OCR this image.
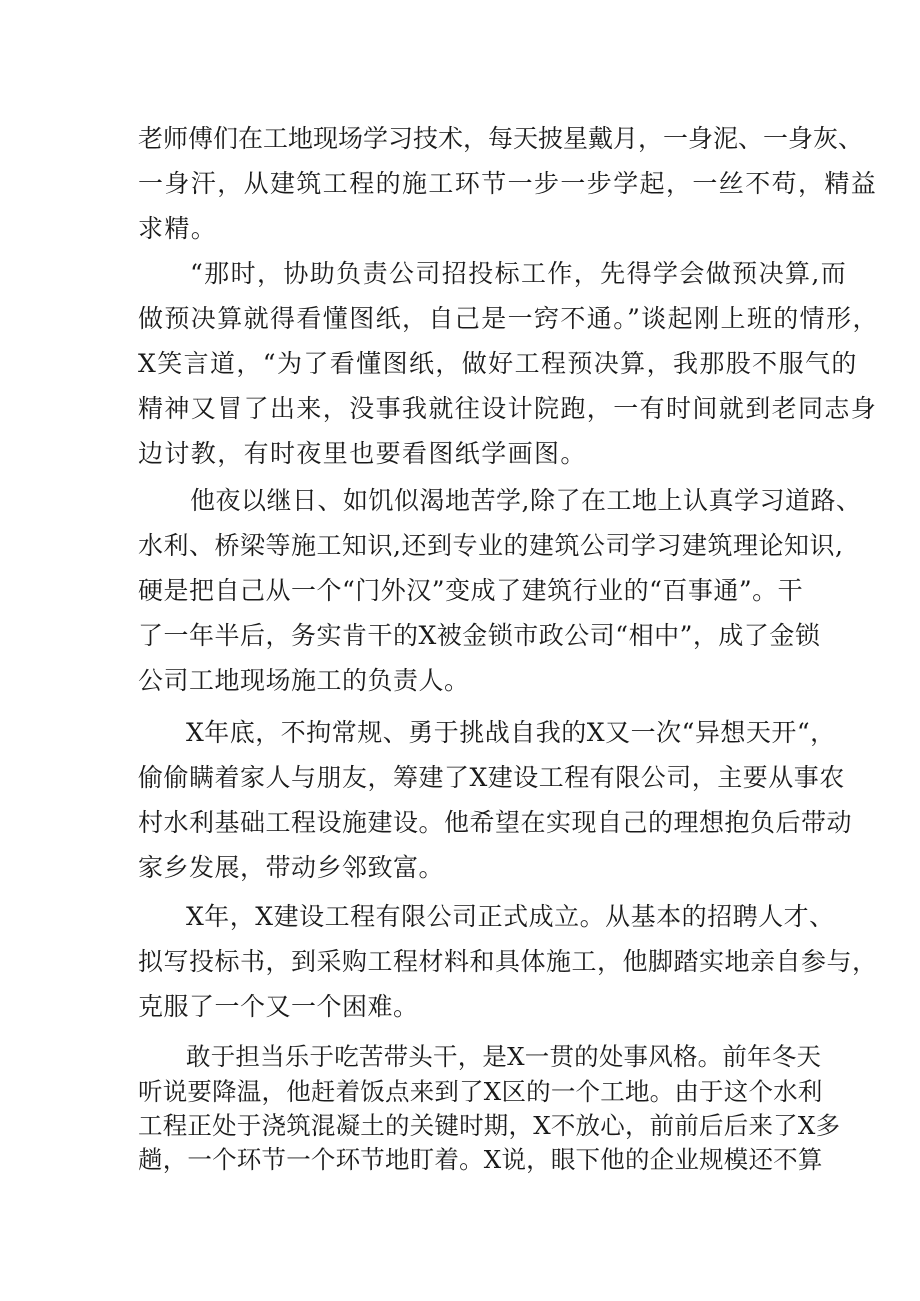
老师傅们在工地现场学习技术，每天披星戴月，一身泥、一身灰、
一身汗，从建筑工程的施工环节一步一步学起，一丝不苟，精益
求精。
“那时，协助负责公司招投标工作，先得学会做预决算,而
做预决算就得看懂图纸，自己是一窍不通。”谈起刚上班的情形，
X笑言道，“为了看懂图纸，做好工程预决算，我那股不服气的
精神又冒了出来，没事我就往设计院跑，一有时间就到老同志身
边讨教，有时夜里也要看图纸学画图。
他夜以继日、如饥似渴地苦学,除了在工地上认真学习道路、
水利、桥梁等施工知识,还到专业的建筑公司学习建筑理论知识,
硬是把自己从一个“门外汉”变成了建筑行业的“百事通”。干
了一年半后，务实肯干的X被金锁市政公司“相中”，成了金锁
公司工地现场施工的负责人。
X年底，不拘常规、勇于挑战自我的X又一次“异想天开“，
偷偷瞒着家人与朋友，筹建了X建设工程有限公司，主要从事农
村水利基础工程设施建设。他希望在实现自己的理想抱负后带动
家乡发展，带动乡邻致富。
X年，X建设工程有限公司正式成立。从基本的招聘人才、
拟写投标书，到采购工程材料和具体施工，他脚踏实地亲自参与，
克服了一个又一个困难。
敢于担当乐于吃苦带头干，是X一贯的处事风格。前年冬天
听说要降温，他赶着饭点来到了X区的一个工地。由于这个水利
工程正处于浇筑混凝土的关键时期，X不放心，前前后后来了X多
趟，一个环节一个环节地盯着。X说，眼下他的企业规模还不算
